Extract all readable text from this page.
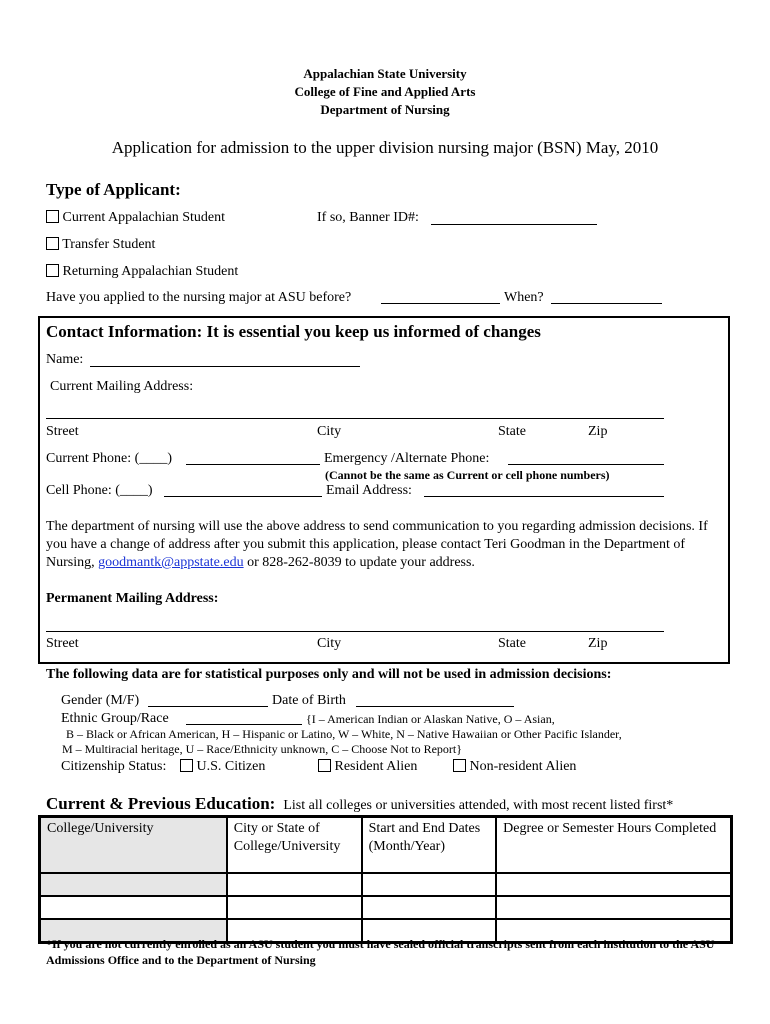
Appalachian State University
College of Fine and Applied Arts
Department of Nursing
Application for admission to the upper division nursing major (BSN) May, 2010
Type of Applicant:
Current Appalachian Student	If so, Banner ID#:
Transfer Student
Returning Appalachian Student
Have you applied to the nursing major at ASU before?	When?
Contact Information: It is essential you keep us informed of changes
Name:
Current Mailing Address:
Street	City	State	Zip
Current Phone: (____)	Emergency /Alternate Phone:
(Cannot be the same as Current or cell phone numbers)
Cell Phone: (____)	Email Address:
The department of nursing will use the above address to send communication to you regarding admission decisions. If you have a change of address after you submit this application, please contact Teri Goodman in the Department of Nursing, goodmantk@appstate.edu or 828-262-8039 to update your address.
Permanent Mailing Address:
Street	City	State	Zip
The following data are for statistical purposes only and will not be used in admission decisions:
Gender (M/F)	Date of Birth
Ethnic Group/Race	{I – American Indian or Alaskan Native, O – Asian,
B – Black or African American, H – Hispanic or Latino, W – White, N – Native Hawaiian or Other Pacific Islander,
M – Multiracial heritage, U – Race/Ethnicity unknown, C – Choose Not to Report}
Citizenship Status:	U.S. Citizen	Resident Alien	Non-resident Alien
Current & Previous Education: List all colleges or universities attended, with most recent listed first*
College/University	City or State of College/University	Start and End Dates (Month/Year)	Degree or Semester Hours Completed

*If you are not currently enrolled as an ASU student you must have sealed official transcripts sent from each institution to the ASU Admissions Office and to the Department of Nursing
